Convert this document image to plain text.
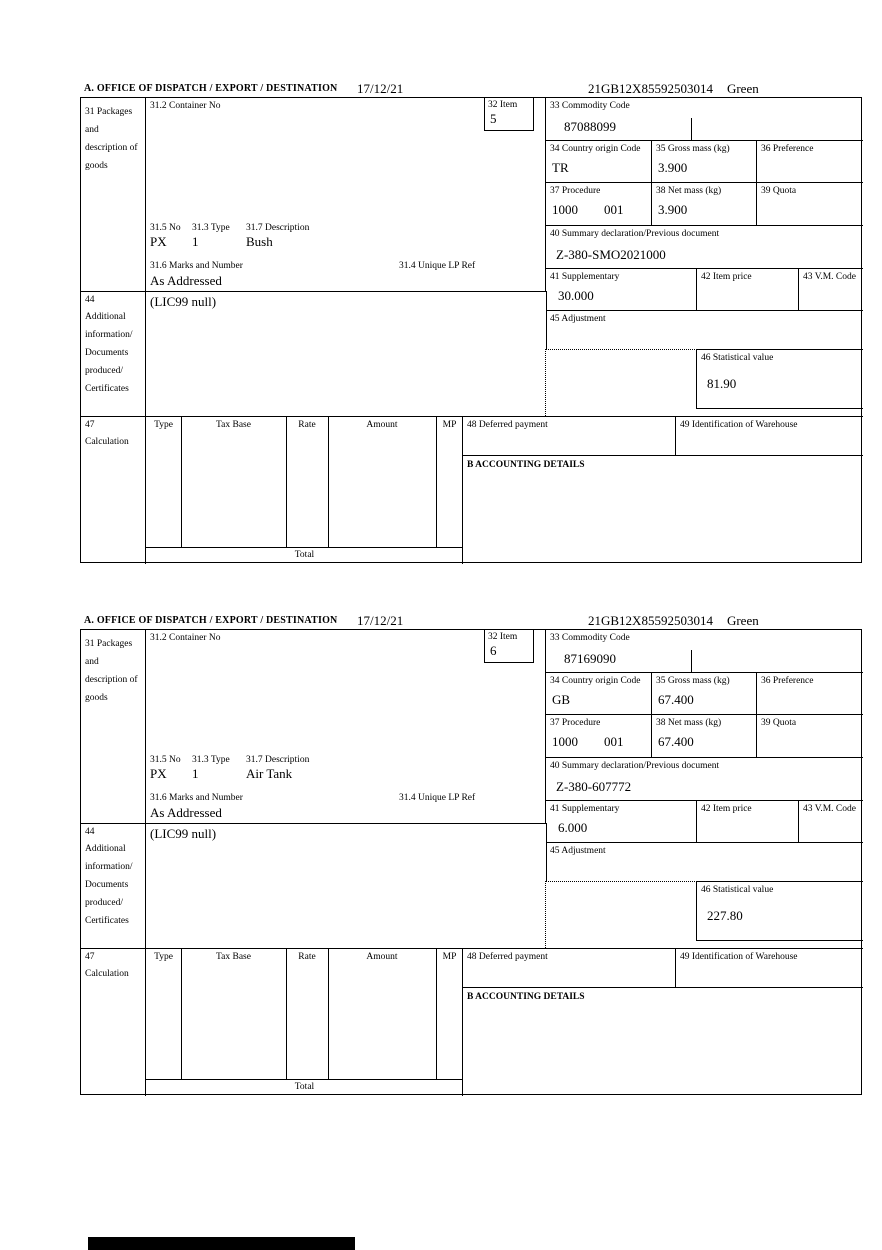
A. OFFICE OF DISPATCH / EXPORT / DESTINATION 17/12/21	21GB12X85592503014 Green
31 Packages and description of goods
44
Additional information/ Documents produced/ Certificates
47
Calculation
31.2 Container No	32 Item
5
31.5 No 31.3 Type 31.7 Description
PX 1	Bush
31.6 Marks and Number	31.4 Unique LP Ref
As Addressed
(LIC99 null)
33 Commodity Code
87088099
34 Country origin Code
TR
35 Gross mass (kg)
3.900
36 Preference
37 Procedure
1000 001
38 Net mass (kg)
3.900
39 Quota
40 Summary declaration/Previous document
Z-380-SMO2021000
41 Supplementary
30.000
42 Item price	43 V.M. Code
45 Adjustment
46 Statistical value
81.90
Type	Tax Base	Rate	Amount	MP
Total
48 Deferred payment	49 Identification of Warehouse
B ACCOUNTING DETAILS
A. OFFICE OF DISPATCH / EXPORT / DESTINATION 17/12/21	21GB12X85592503014 Green
31 Packages and description of goods
44
Additional information/ Documents produced/ Certificates
47
Calculation
31.2 Container No	32 Item
6
31.5 No 31.3 Type 31.7 Description
PX 1	Air Tank
31.6 Marks and Number	31.4 Unique LP Ref
As Addressed
(LIC99 null)
33 Commodity Code
87169090
34 Country origin Code
GB
35 Gross mass (kg)
67.400
36 Preference
37 Procedure
1000 001
38 Net mass (kg)
67.400
39 Quota
40 Summary declaration/Previous document
Z-380-607772
41 Supplementary
6.000
42 Item price	43 V.M. Code
45 Adjustment
46 Statistical value
227.80
Type	Tax Base	Rate	Amount	MP
Total
48 Deferred payment	49 Identification of Warehouse
B ACCOUNTING DETAILS
